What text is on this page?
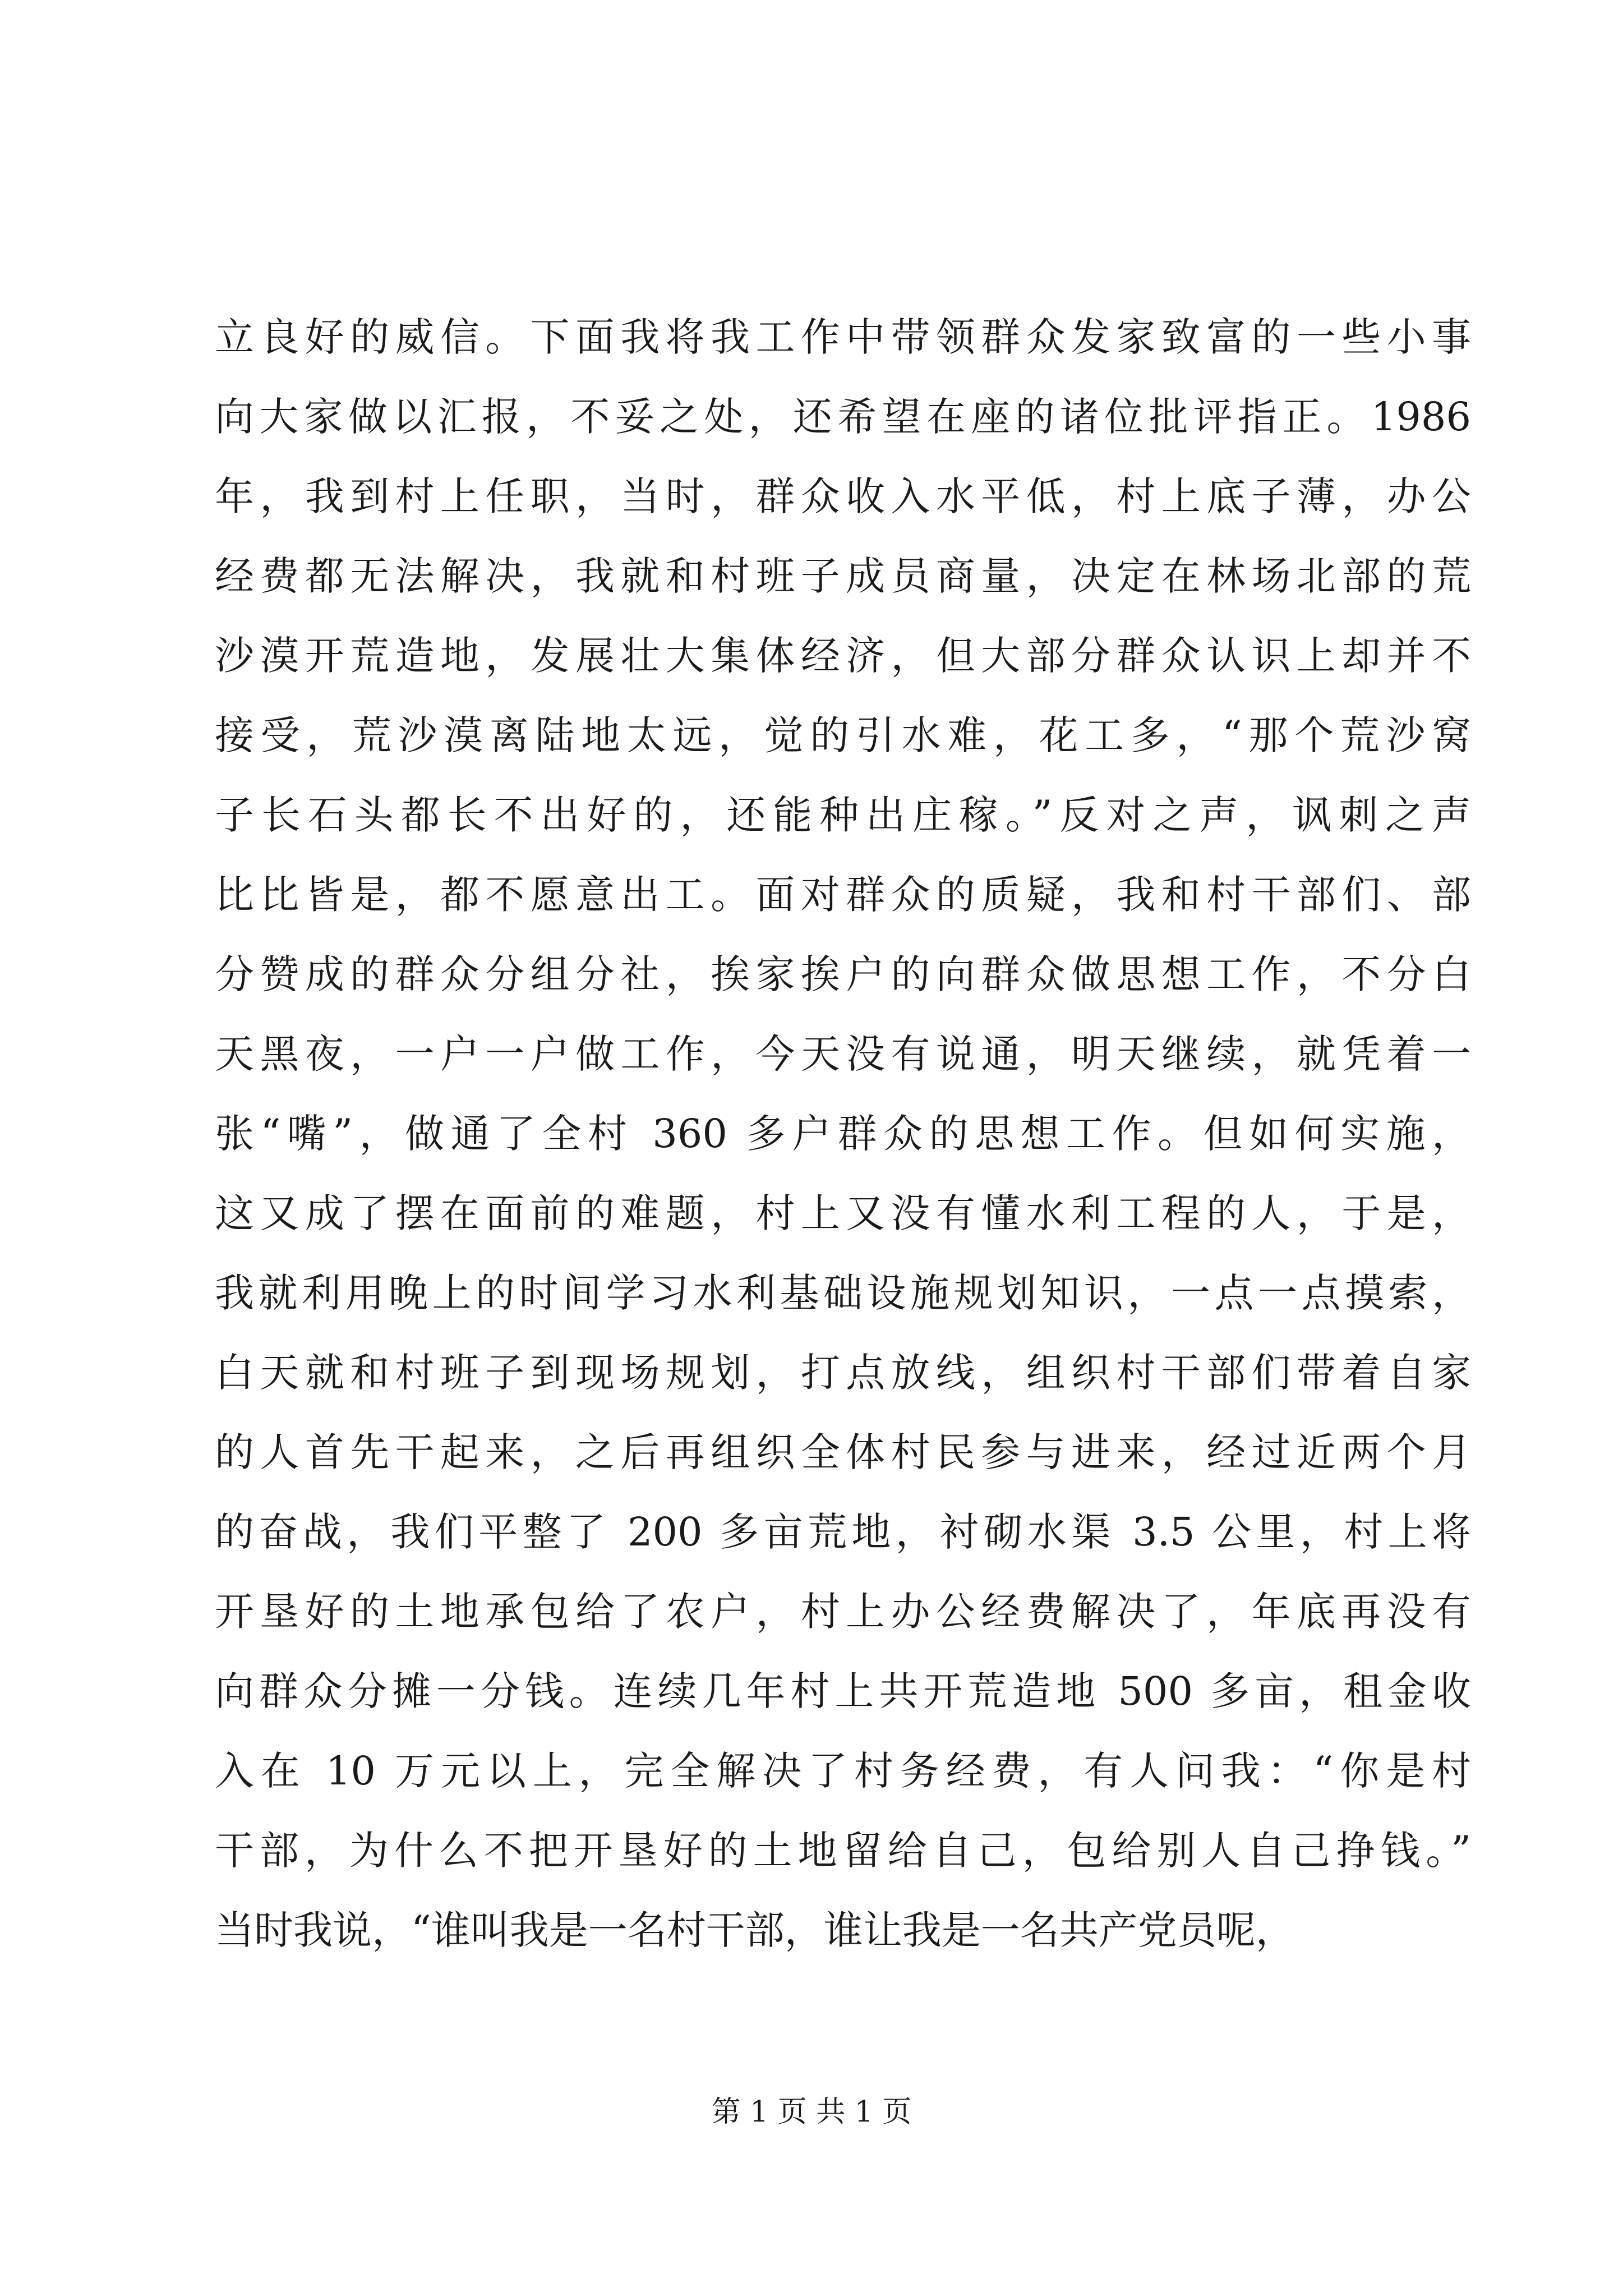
立良好的威信。下面我将我工作中带领群众发家致富的一些小事
向大家做以汇报，不妥之处，还希望在座的诸位批评指正。1986
年，我到村上任职，当时，群众收入水平低，村上底子薄，办公
经费都无法解决，我就和村班子成员商量，决定在林场北部的荒
沙漠开荒造地，发展壮大集体经济，但大部分群众认识上却并不
接受，荒沙漠离陆地太远，觉的引水难，花工多，“那个荒沙窝
子长石头都长不出好的，还能种出庄稼。”反对之声，讽刺之声
比比皆是，都不愿意出工。面对群众的质疑，我和村干部们、部
分赞成的群众分组分社，挨家挨户的向群众做思想工作，不分白
天黑夜，一户一户做工作，今天没有说通，明天继续，就凭着一
张“嘴”，做通了全村 360 多户群众的思想工作。但如何实施，
这又成了摆在面前的难题，村上又没有懂水利工程的人，于是，
我就利用晚上的时间学习水利基础设施规划知识，一点一点摸索，
白天就和村班子到现场规划，打点放线，组织村干部们带着自家
的人首先干起来，之后再组织全体村民参与进来，经过近两个月
的奋战，我们平整了 200 多亩荒地，衬砌水渠 3.5 公里，村上将
开垦好的土地承包给了农户，村上办公经费解决了，年底再没有
向群众分摊一分钱。连续几年村上共开荒造地 500 多亩，租金收
入在 10 万元以上，完全解决了村务经费，有人问我：“你是村
干部，为什么不把开垦好的土地留给自己，包给别人自己挣钱。”
当时我说，“谁叫我是一名村干部，谁让我是一名共产党员呢，
第 1 页 共 1 页
